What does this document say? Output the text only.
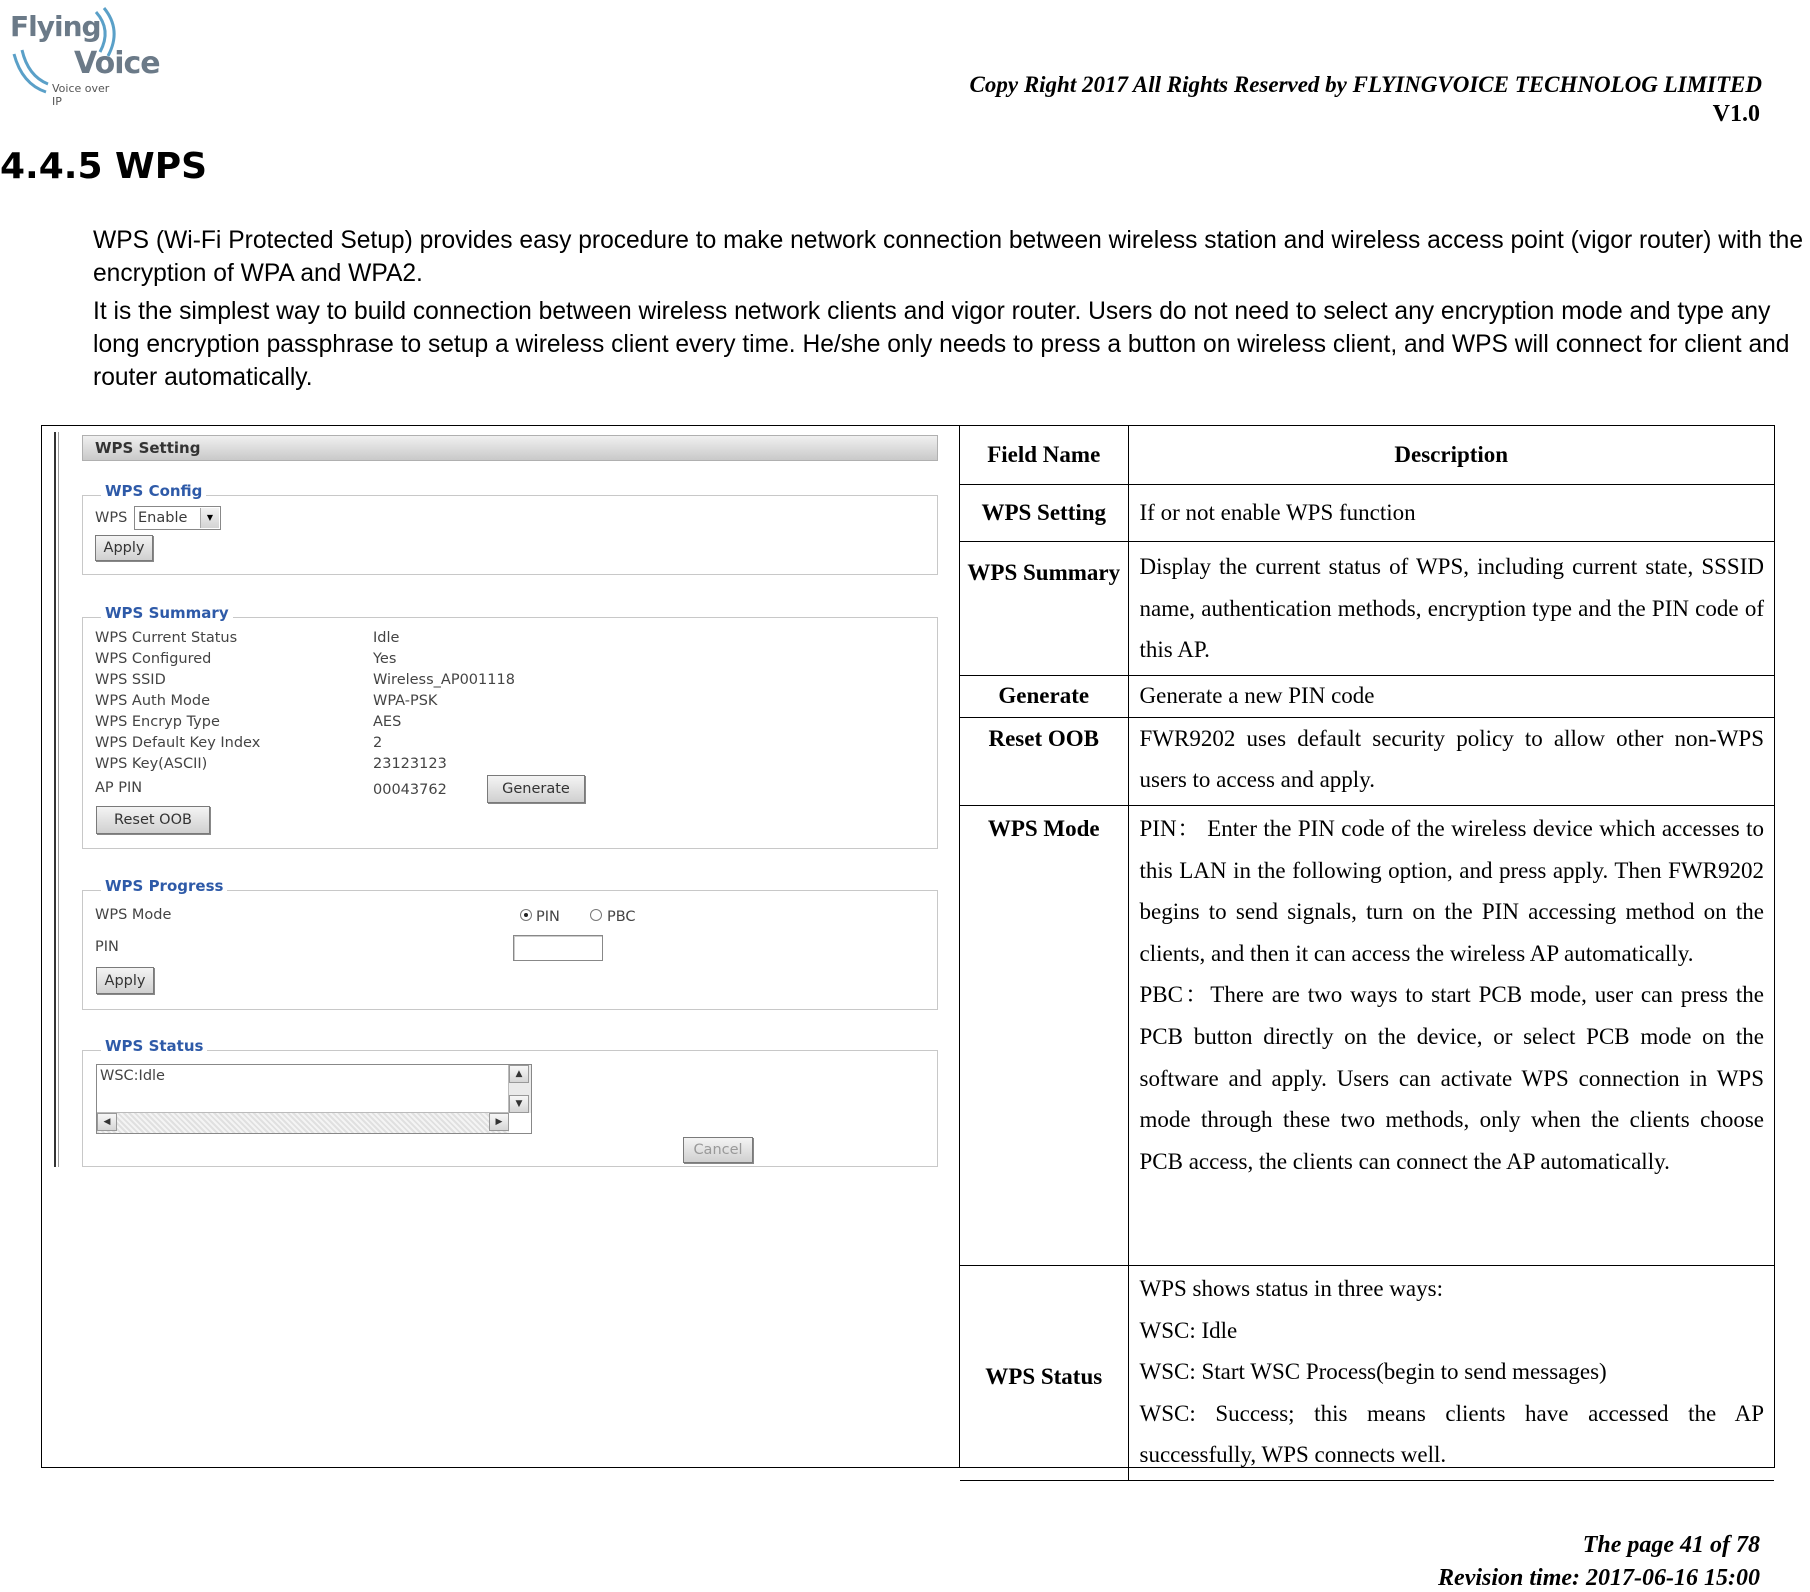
Flying
Voice
Voice over IP
Copy Right 2017 All Rights Reserved by FLYINGVOICE TECHNOLOG LIMITED
V1.0
4.4.5 WPS

WPS (Wi-Fi Protected Setup) provides easy procedure to make network connection between wireless station and wireless access point (vigor router) with the encryption of WPA and WPA2.

It is the simplest way to build connection between wireless network clients and vigor router. Users do not need to select any encryption mode and type any long encryption passphrase to setup a wireless client every time. He/she only needs to press a button on wireless client, and WPS will connect for client and router automatically.

WPS Setting
WPS Config
WPS Enable	▼
Apply
WPS Summary
WPS Current Status	Idle
WPS Configured	Yes
WPS SSID	Wireless_AP001118
WPS Auth Mode	WPA-PSK
WPS Encryp Type	AES
WPS Default Key Index	2
WPS Key(ASCII)	23123123
AP PIN	00043762	Generate
Reset OOB
WPS Progress
WPS Mode	PIN	PBC
PIN
Apply
WPS Status
WSC:Idle	▲
▼
◀	▶
Cancel
Field Name	Description
WPS Setting	If or not enable WPS function

WPS Summary	Display the current status of WPS, including current state, SSSID name, authentication methods, encryption type and the PIN code of this AP.

Generate	Generate a new PIN code

Reset OOB	FWR9202 uses default security policy to allow other non-WPS users to access and apply.

WPS Mode	PIN： Enter the PIN code of the wireless device which accesses to this LAN in the following option, and press apply. Then FWR9202 begins to send signals, turn on the PIN accessing method on the clients, and then it can access the wireless AP automatically.

PBC：There are two ways to start PCB mode, user can press the PCB button directly on the device, or select PCB mode on the software and apply. Users can activate WPS connection in WPS mode through these two methods, only when the clients choose PCB access, the clients can connect the AP automatically.

WPS Status	WPS shows status in three ways:

WSC: Idle

WSC: Start WSC Process(begin to send messages)

WSC: Success; this means clients have accessed the AP successfully, WPS connects well.

The page 41 of 78
Revision time: 2017-06-16 15:00
